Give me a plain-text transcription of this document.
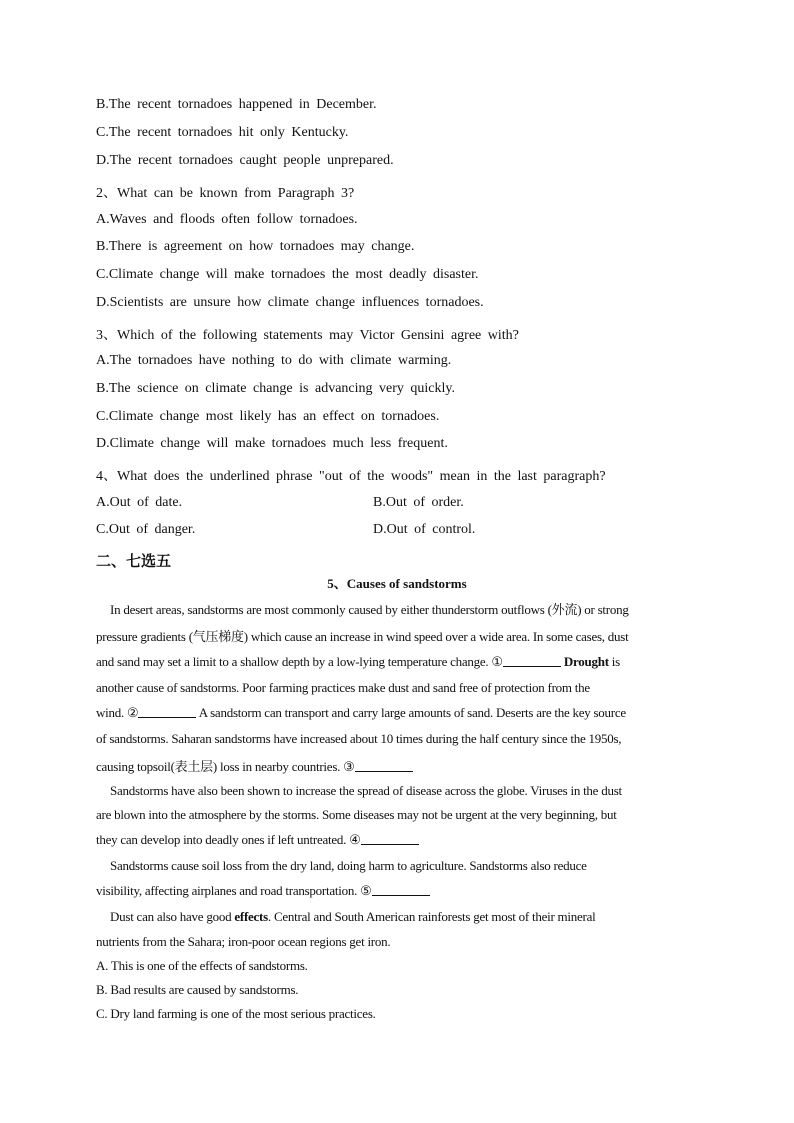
B.The recent tornadoes happened in December.
C.The recent tornadoes hit only Kentucky.
D.The recent tornadoes caught people unprepared.
2、What can be known from Paragraph 3?
A.Waves and floods often follow tornadoes.
B.There is agreement on how tornadoes may change.
C.Climate change will make tornadoes the most deadly disaster.
D.Scientists are unsure how climate change influences tornadoes.
3、Which of the following statements may Victor Gensini agree with?
A.The tornadoes have nothing to do with climate warming.
B.The science on climate change is advancing very quickly.
C.Climate change most likely has an effect on tornadoes.
D.Climate change will make tornadoes much less frequent.
4、What does the underlined phrase "out of the woods" mean in the last paragraph?
A.Out of date.	B.Out of order.
C.Out of danger.	D.Out of control.
二、七选五
5、Causes of sandstorms
In desert areas, sandstorms are most commonly caused by either thunderstorm outflows (外流) or strong
pressure gradients (气压梯度) which cause an increase in wind speed over a wide area. In some cases, dust
and sand may set a limit to a shallow depth by a low-lying temperature change. ①	Drought is
another cause of sandstorms. Poor farming practices make dust and sand free of protection from the
wind. ②	A sandstorm can transport and carry large amounts of sand. Deserts are the key source
of sandstorms. Saharan sandstorms have increased about 10 times during the half century since the 1950s,
causing topsoil(表土层) loss in nearby countries. ③
Sandstorms have also been shown to increase the spread of disease across the globe. Viruses in the dust
are blown into the atmosphere by the storms. Some diseases may not be urgent at the very beginning, but
they can develop into deadly ones if left untreated. ④
Sandstorms cause soil loss from the dry land, doing harm to agriculture. Sandstorms also reduce
visibility, affecting airplanes and road transportation. ⑤
Dust can also have good effects. Central and South American rainforests get most of their mineral
nutrients from the Sahara; iron-poor ocean regions get iron.
A. This is one of the effects of sandstorms.
B. Bad results are caused by sandstorms.
C. Dry land farming is one of the most serious practices.
